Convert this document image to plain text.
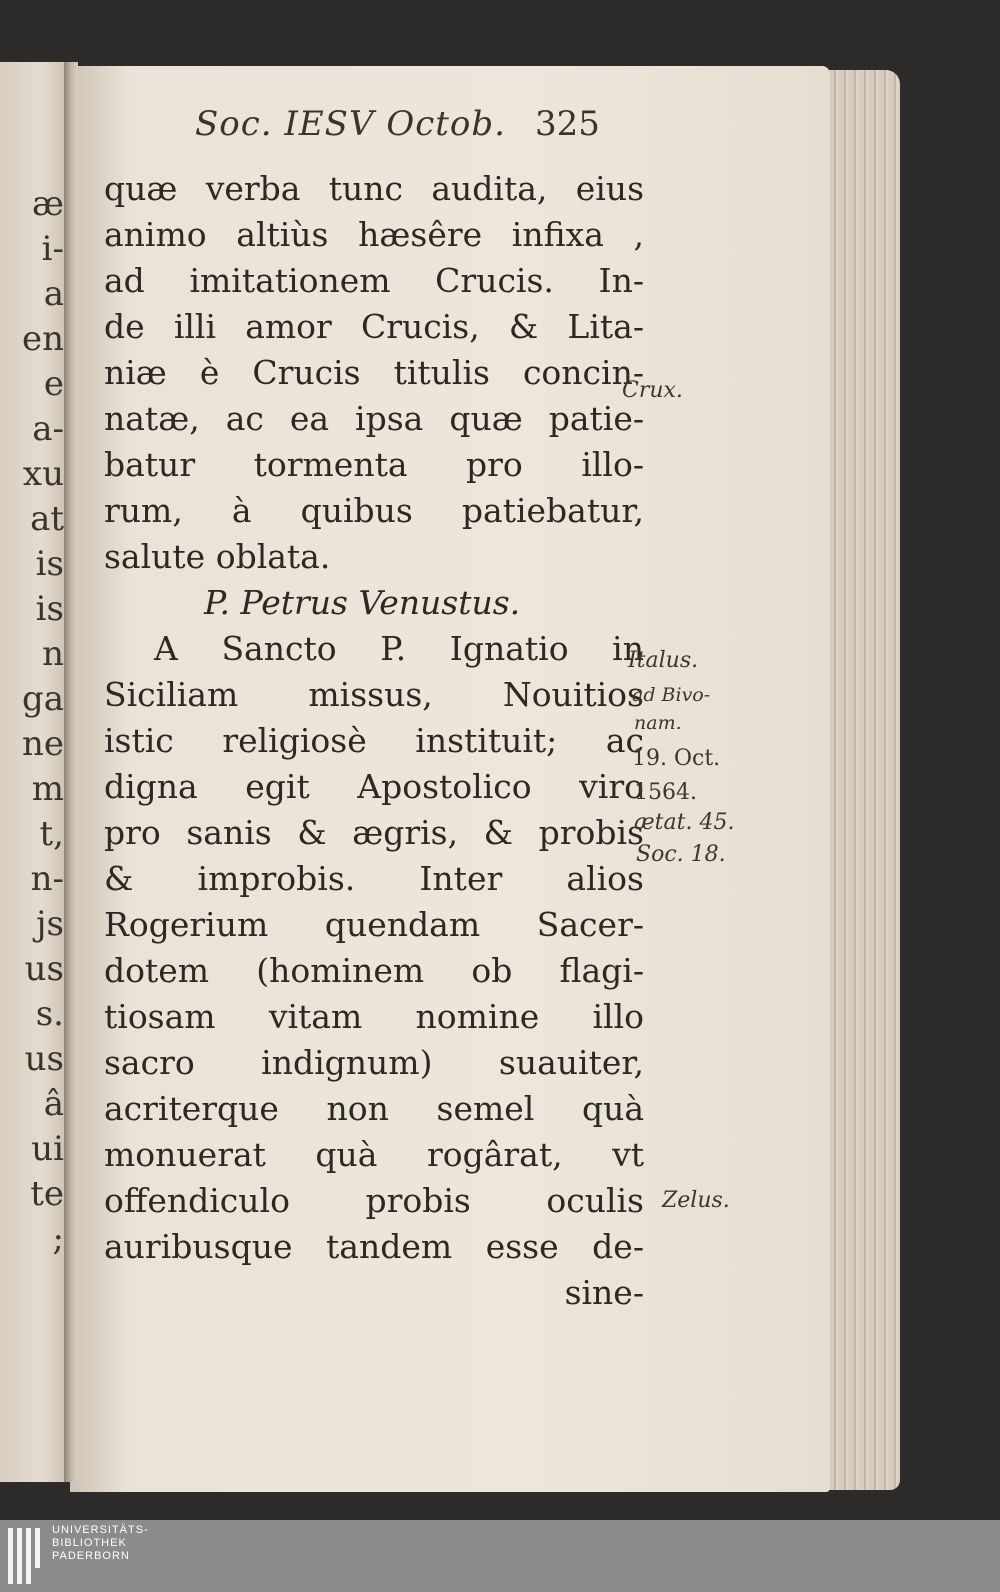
æ
i-
a
en
e
a-
xu
at
is
is
n
ga
ne
m
t,
n-
js
us
s.
us
â
ui
te
;
Soc. IESV Octob. 325
quæ verba tunc audita, eius
animo altiùs hæsêre infixa ,
ad imitationem Crucis. In-
de illi amor Crucis, & Lita-
niæ è Crucis titulis concin-
natæ, ac ea ipsa quæ patie-
batur tormenta pro illo-
rum, à quibus patiebatur,
salute oblata.
P. Petrus Venustus.
A Sancto P. Ignatio in
Siciliam missus, Nouitios
istic religiosè instituit; ac
digna egit Apostolico viro
pro sanis & ægris, & probis
& improbis. Inter alios
Rogerium quendam Sacer-
dotem (hominem ob flagi-
tiosam vitam nomine illo
sacro indignum) suauiter,
acriterque non semel quà
monuerat quà rogârat, vt
offendiculo probis oculis
auribusque tandem esse de-
sine-
Crux.
Italus.
ad Bivo-
nam.
19. Oct.
1564.
ætat. 45.
Soc. 18.
Zelus.
UNIVERSITÄTS-
BIBLIOTHEK
PADERBORN
